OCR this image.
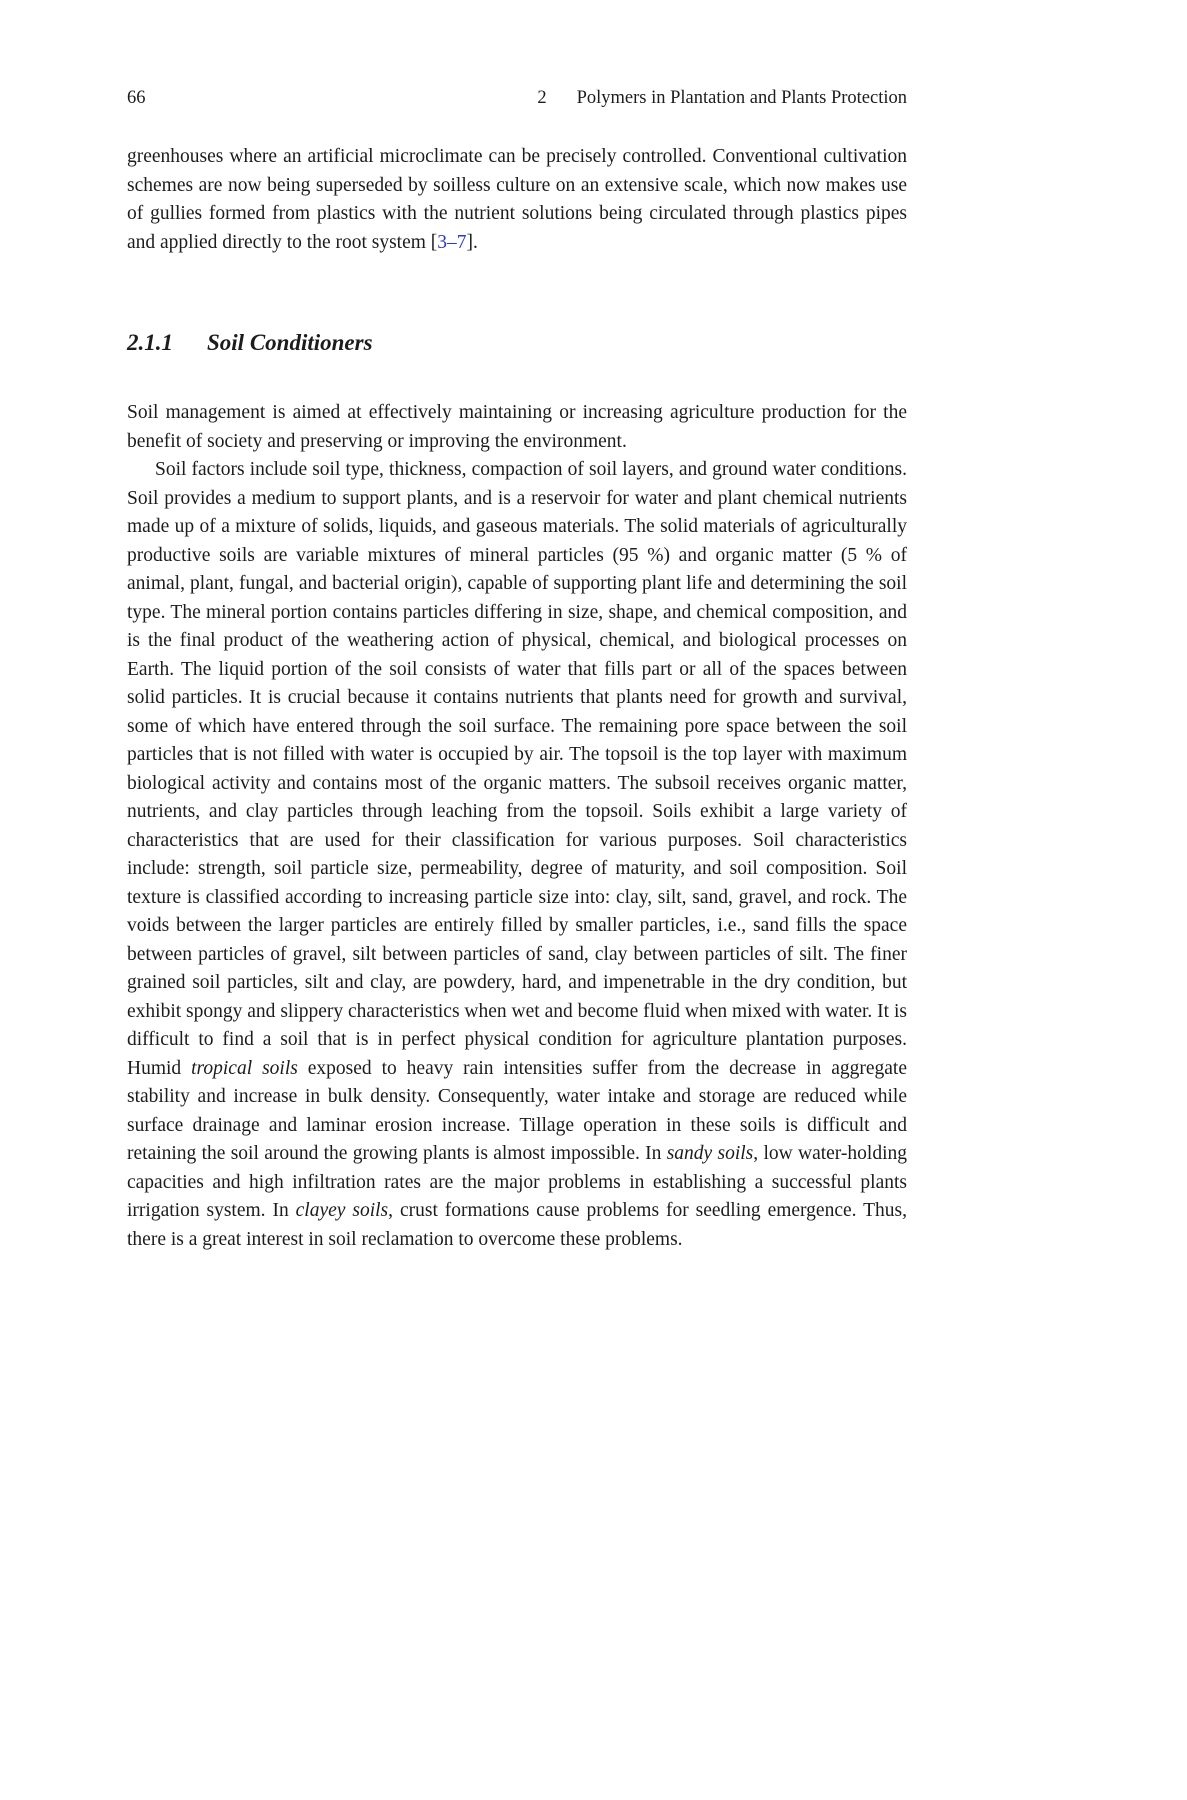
66	2 Polymers in Plantation and Plants Protection

greenhouses where an artificial microclimate can be precisely controlled. Conventional cultivation schemes are now being superseded by soilless culture on an extensive scale, which now makes use of gullies formed from plastics with the nutrient solutions being circulated through plastics pipes and applied directly to the root system [3–7].

2.1.1 Soil Conditioners

Soil management is aimed at effectively maintaining or increasing agriculture production for the benefit of society and preserving or improving the environment.

Soil factors include soil type, thickness, compaction of soil layers, and ground water conditions. Soil provides a medium to support plants, and is a reservoir for water and plant chemical nutrients made up of a mixture of solids, liquids, and gaseous materials. The solid materials of agriculturally productive soils are variable mixtures of mineral particles (95 %) and organic matter (5 % of animal, plant, fungal, and bacterial origin), capable of supporting plant life and determining the soil type. The mineral portion contains particles differing in size, shape, and chemical composition, and is the final product of the weathering action of physical, chemical, and biological processes on Earth. The liquid portion of the soil consists of water that fills part or all of the spaces between solid particles. It is crucial because it contains nutrients that plants need for growth and survival, some of which have entered through the soil surface. The remaining pore space between the soil particles that is not filled with water is occupied by air. The topsoil is the top layer with maximum biological activity and contains most of the organic matters. The subsoil receives organic matter, nutrients, and clay particles through leaching from the topsoil. Soils exhibit a large variety of characteristics that are used for their classification for various purposes. Soil characteristics include: strength, soil particle size, permeability, degree of maturity, and soil composition. Soil texture is classified according to increasing particle size into: clay, silt, sand, gravel, and rock. The voids between the larger particles are entirely filled by smaller particles, i.e., sand fills the space between particles of gravel, silt between particles of sand, clay between particles of silt. The finer grained soil particles, silt and clay, are powdery, hard, and impenetrable in the dry condition, but exhibit spongy and slippery characteristics when wet and become fluid when mixed with water. It is difficult to find a soil that is in perfect physical condition for agriculture plantation purposes. Humid tropical soils exposed to heavy rain intensities suffer from the decrease in aggregate stability and increase in bulk density. Consequently, water intake and storage are reduced while surface drainage and laminar erosion increase. Tillage operation in these soils is difficult and retaining the soil around the growing plants is almost impossible. In sandy soils, low water-holding capacities and high infiltration rates are the major problems in establishing a successful plants irrigation system. In clayey soils, crust formations cause problems for seedling emergence. Thus, there is a great interest in soil reclamation to overcome these problems.
